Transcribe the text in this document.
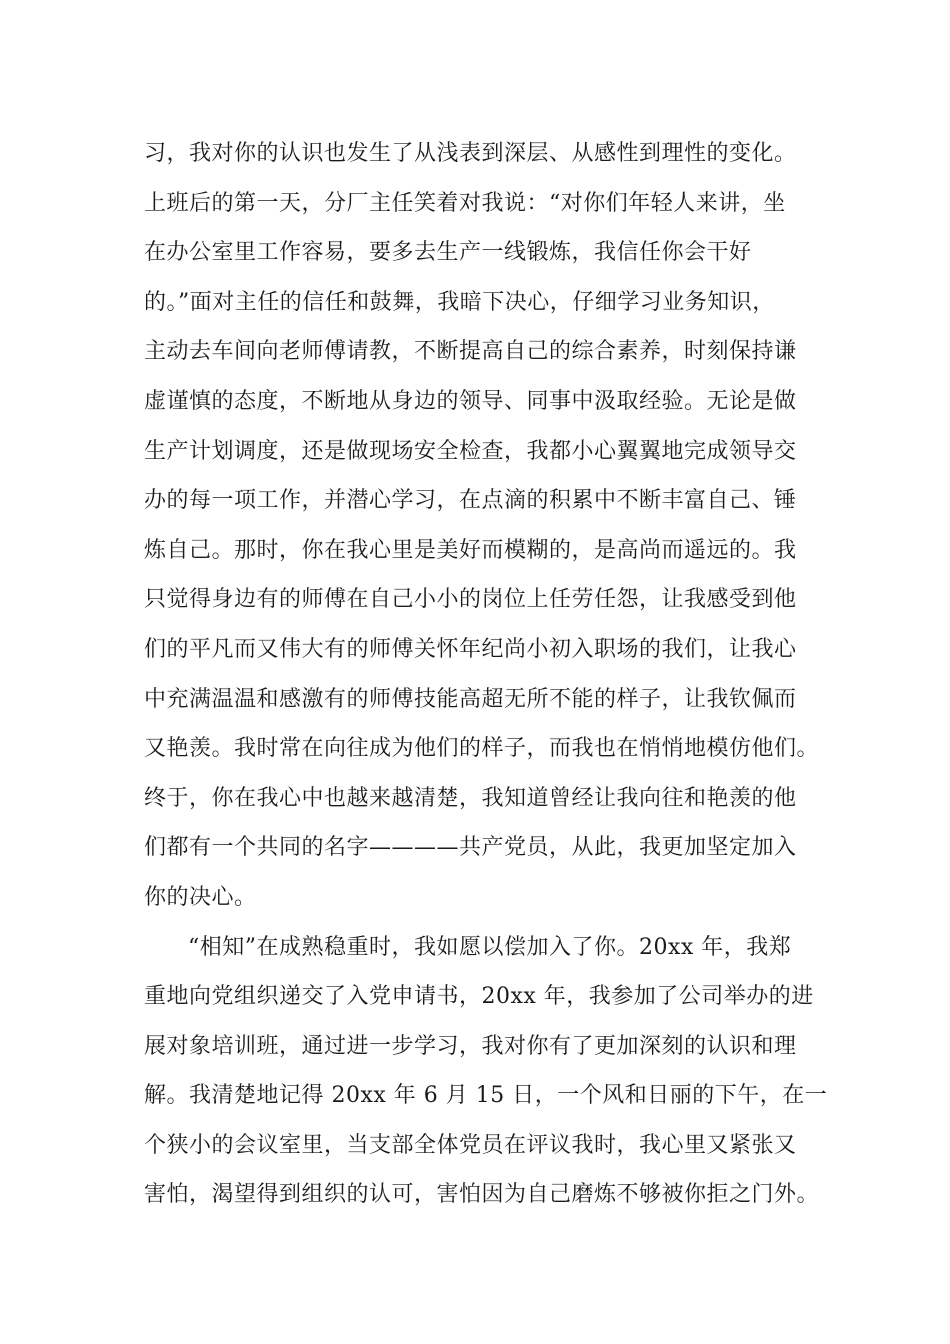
习，我对你的认识也发生了从浅表到深层、从感性到理性的变化。
上班后的第一天，分厂主任笑着对我说：“对你们年轻人来讲，坐
在办公室里工作容易，要多去生产一线锻炼，我信任你会干好
的。”面对主任的信任和鼓舞，我暗下决心，仔细学习业务知识，
主动去车间向老师傅请教，不断提高自己的综合素养，时刻保持谦
虚谨慎的态度，不断地从身边的领导、同事中汲取经验。无论是做
生产计划调度，还是做现场安全检查，我都小心翼翼地完成领导交
办的每一项工作，并潜心学习，在点滴的积累中不断丰富自己、锤
炼自己。那时，你在我心里是美好而模糊的，是高尚而遥远的。我
只觉得身边有的师傅在自己小小的岗位上任劳任怨，让我感受到他
们的平凡而又伟大有的师傅关怀年纪尚小初入职场的我们，让我心
中充满温温和感激有的师傅技能高超无所不能的样子，让我钦佩而
又艳羡。我时常在向往成为他们的样子，而我也在悄悄地模仿他们。
终于，你在我心中也越来越清楚，我知道曾经让我向往和艳羡的他
们都有一个共同的名字————共产党员，从此，我更加坚定加入
你的决心。
“相知”在成熟稳重时，我如愿以偿加入了你。20xx 年，我郑
重地向党组织递交了入党申请书，20xx 年，我参加了公司举办的进
展对象培训班，通过进一步学习，我对你有了更加深刻的认识和理
解。我清楚地记得 20xx 年 6 月 15 日，一个风和日丽的下午，在一
个狭小的会议室里，当支部全体党员在评议我时，我心里又紧张又
害怕，渴望得到组织的认可，害怕因为自己磨炼不够被你拒之门外。
